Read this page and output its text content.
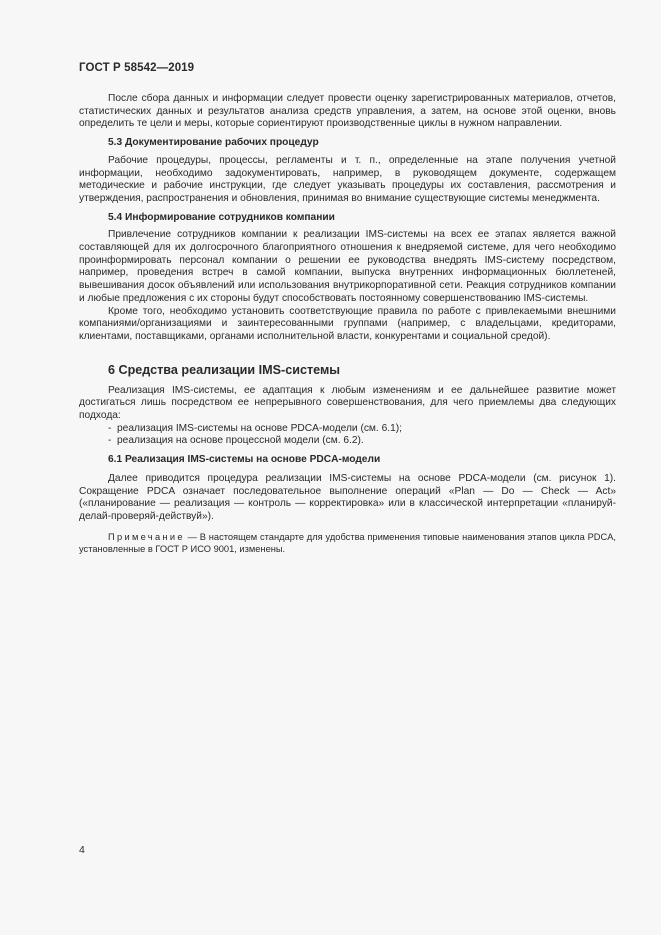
ГОСТ Р 58542—2019

После сбора данных и информации следует провести оценку зарегистрированных материалов, отчетов, статистических данных и результатов анализа средств управления, а затем, на основе этой оценки, вновь определить те цели и меры, которые сориентируют производственные циклы в нужном направлении.

5.3 Документирование рабочих процедур

Рабочие процедуры, процессы, регламенты и т. п., определенные на этапе получения учетной информации, необходимо задокументировать, например, в руководящем документе, содержащем методические и рабочие инструкции, где следует указывать процедуры их составления, рассмотрения и утверждения, распространения и обновления, принимая во внимание существующие системы менеджмента.

5.4 Информирование сотрудников компании

Привлечение сотрудников компании к реализации IMS-системы на всех ее этапах является важной составляющей для их долгосрочного благоприятного отношения к внедряемой системе, для чего необходимо проинформировать персонал компании о решении ее руководства внедрять IMS-систему посредством, например, проведения встреч в самой компании, выпуска внутренних информационных бюллетеней, вывешивания досок объявлений или использования внутрикорпоративной сети. Реакция сотрудников компании и любые предложения с их стороны будут способствовать постоянному совершенствованию IMS-системы.

Кроме того, необходимо установить соответствующие правила по работе с привлекаемыми внешними компаниями/организациями и заинтересованными группами (например, с владельцами, кредиторами, клиентами, поставщиками, органами исполнительной власти, конкурентами и социальной средой).

6 Средства реализации IMS-системы

Реализация IMS-системы, ее адаптация к любым изменениям и ее дальнейшее развитие может достигаться лишь посредством ее непрерывного совершенствования, для чего приемлемы два следующих подхода:

- реализация IMS-системы на основе PDCA-модели (см. 6.1);
- реализация на основе процессной модели (см. 6.2).
6.1 Реализация IMS-системы на основе PDCA-модели

Далее приводится процедура реализации IMS-системы на основе PDCA-модели (см. рисунок 1). Сокращение PDCA означает последовательное выполнение операций «Plan — Do — Check — Act» («планирование — реализация — контроль — корректировка» или в классической интерпретации «планируй-делай-проверяй-действуй»).

Примечание — В настоящем стандарте для удобства применения типовые наименования этапов цикла PDCA, установленные в ГОСТ Р ИСО 9001, изменены.

4
